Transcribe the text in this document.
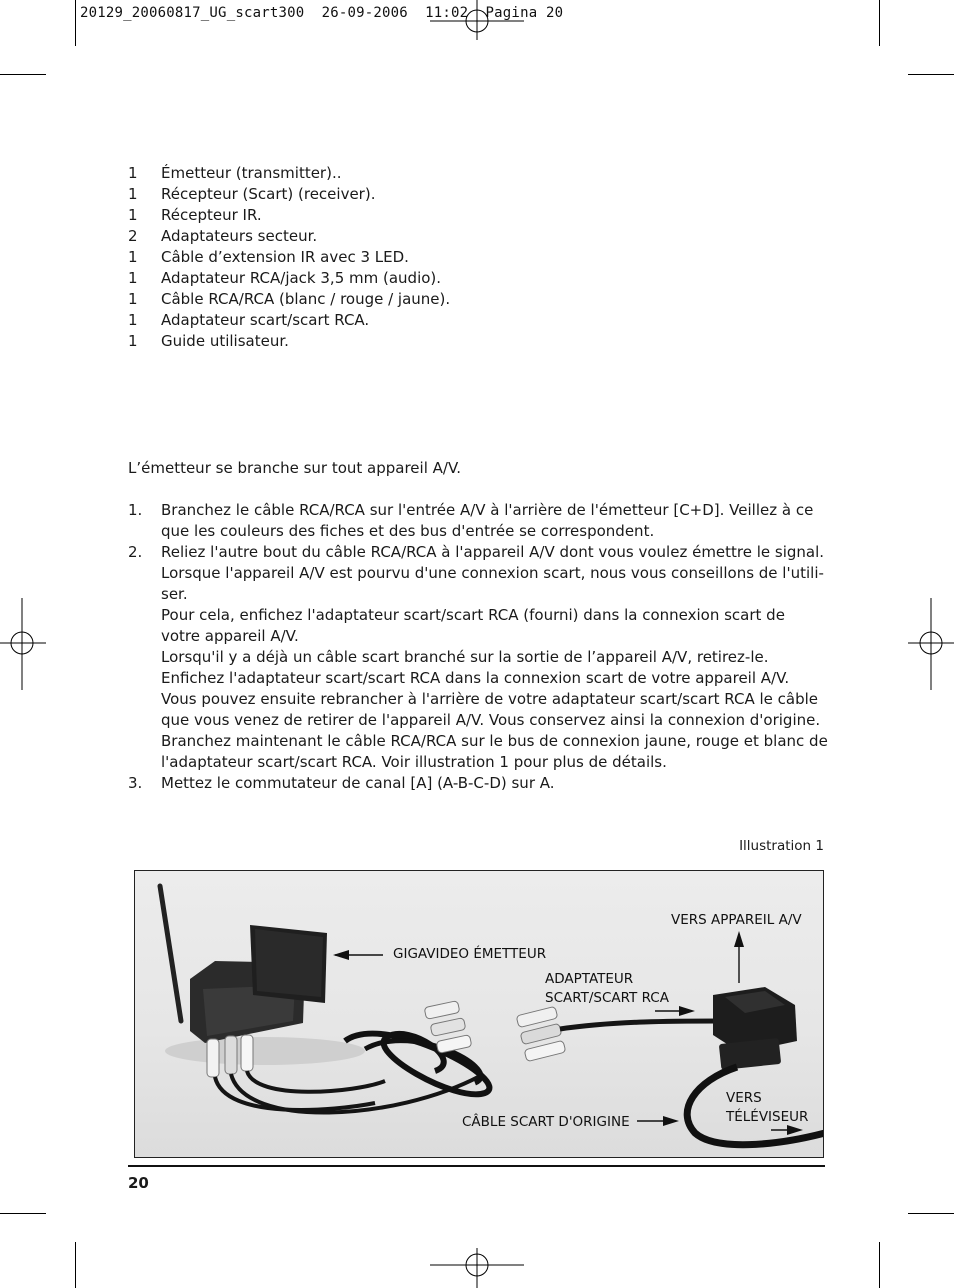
20129_20060817_UG_scart300  26-09-2006  11:02  Pagina 20
1	Émetteur (transmitter)..
1	Récepteur (Scart) (receiver).
1	Récepteur IR.
2	Adaptateurs secteur.
1	Câble d’extension IR avec 3 LED.
1	Adaptateur RCA/jack 3,5 mm (audio).
1	Câble RCA/RCA (blanc / rouge / jaune).
1	Adaptateur scart/scart RCA.
1	Guide utilisateur.

L’émetteur se branche sur tout appareil A/V.

1.	Branchez le câble RCA/RCA sur l'entrée A/V à l'arrière de l'émetteur [C+D]. Veillez à ce que les couleurs des fiches et des bus d'entrée se correspondent.

2.	Reliez l'autre bout du câble RCA/RCA à l'appareil A/V dont vous voulez émettre le signal. Lorsque l'appareil A/V est pourvu d'une connexion scart, nous vous conseillons de l'utili-ser.

Pour cela, enfichez l'adaptateur scart/scart RCA (fourni) dans la connexion scart de votre appareil A/V.

Lorsqu'il y a déjà un câble scart branché sur la sortie de l’appareil A/V, retirez-le. Enfichez l'adaptateur scart/scart RCA dans la connexion scart de votre appareil A/V. Vous pouvez ensuite rebrancher à l'arrière de votre adaptateur scart/scart RCA le câble que vous venez de retirer de l'appareil A/V. Vous conservez ainsi la connexion d'origine.

Branchez maintenant le câble RCA/RCA sur le bus de connexion jaune, rouge et blanc de l'adaptateur scart/scart RCA. Voir illustration 1 pour plus de détails.

3.	Mettez le commutateur de canal [A] (A-B-C-D) sur A.

Illustration 1
GIGAVIDEO ÉMETTEUR
VERS APPAREIL A/V
ADAPTATEUR
SCART/SCART RCA
VERS
TÉLÉVISEUR
CÂBLE SCART D'ORIGINE
20
